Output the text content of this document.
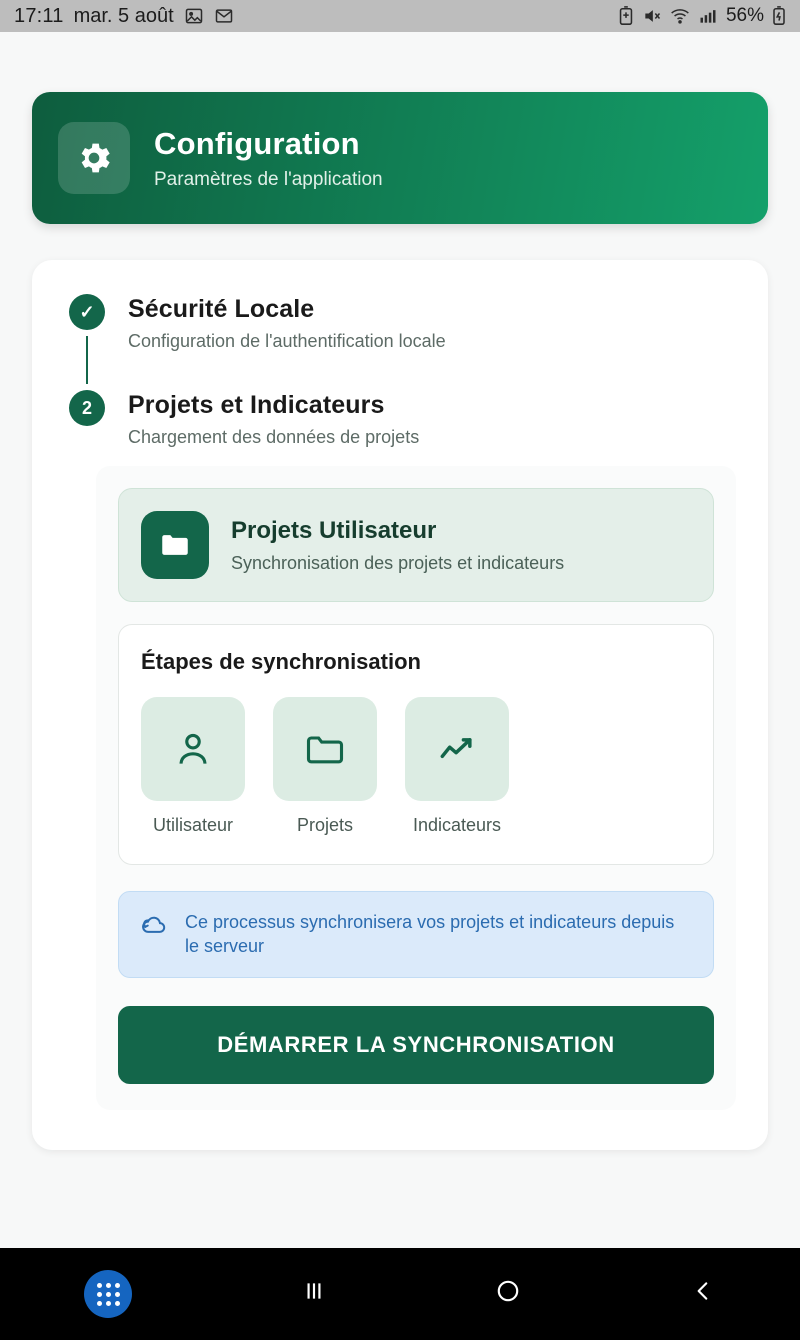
17:11 mar. 5 août	56%
Configuration
Paramètres de l'application
✓	Sécurité Locale
Configuration de l'authentification locale
2	Projets et Indicateurs
Chargement des données de projets
Projets Utilisateur
Synchronisation des projets et indicateurs
Étapes de synchronisation
Utilisateur	Projets	Indicateurs
Ce processus synchronisera vos projets et indicateurs depuis le serveur
DÉMARRER LA SYNCHRONISATION
